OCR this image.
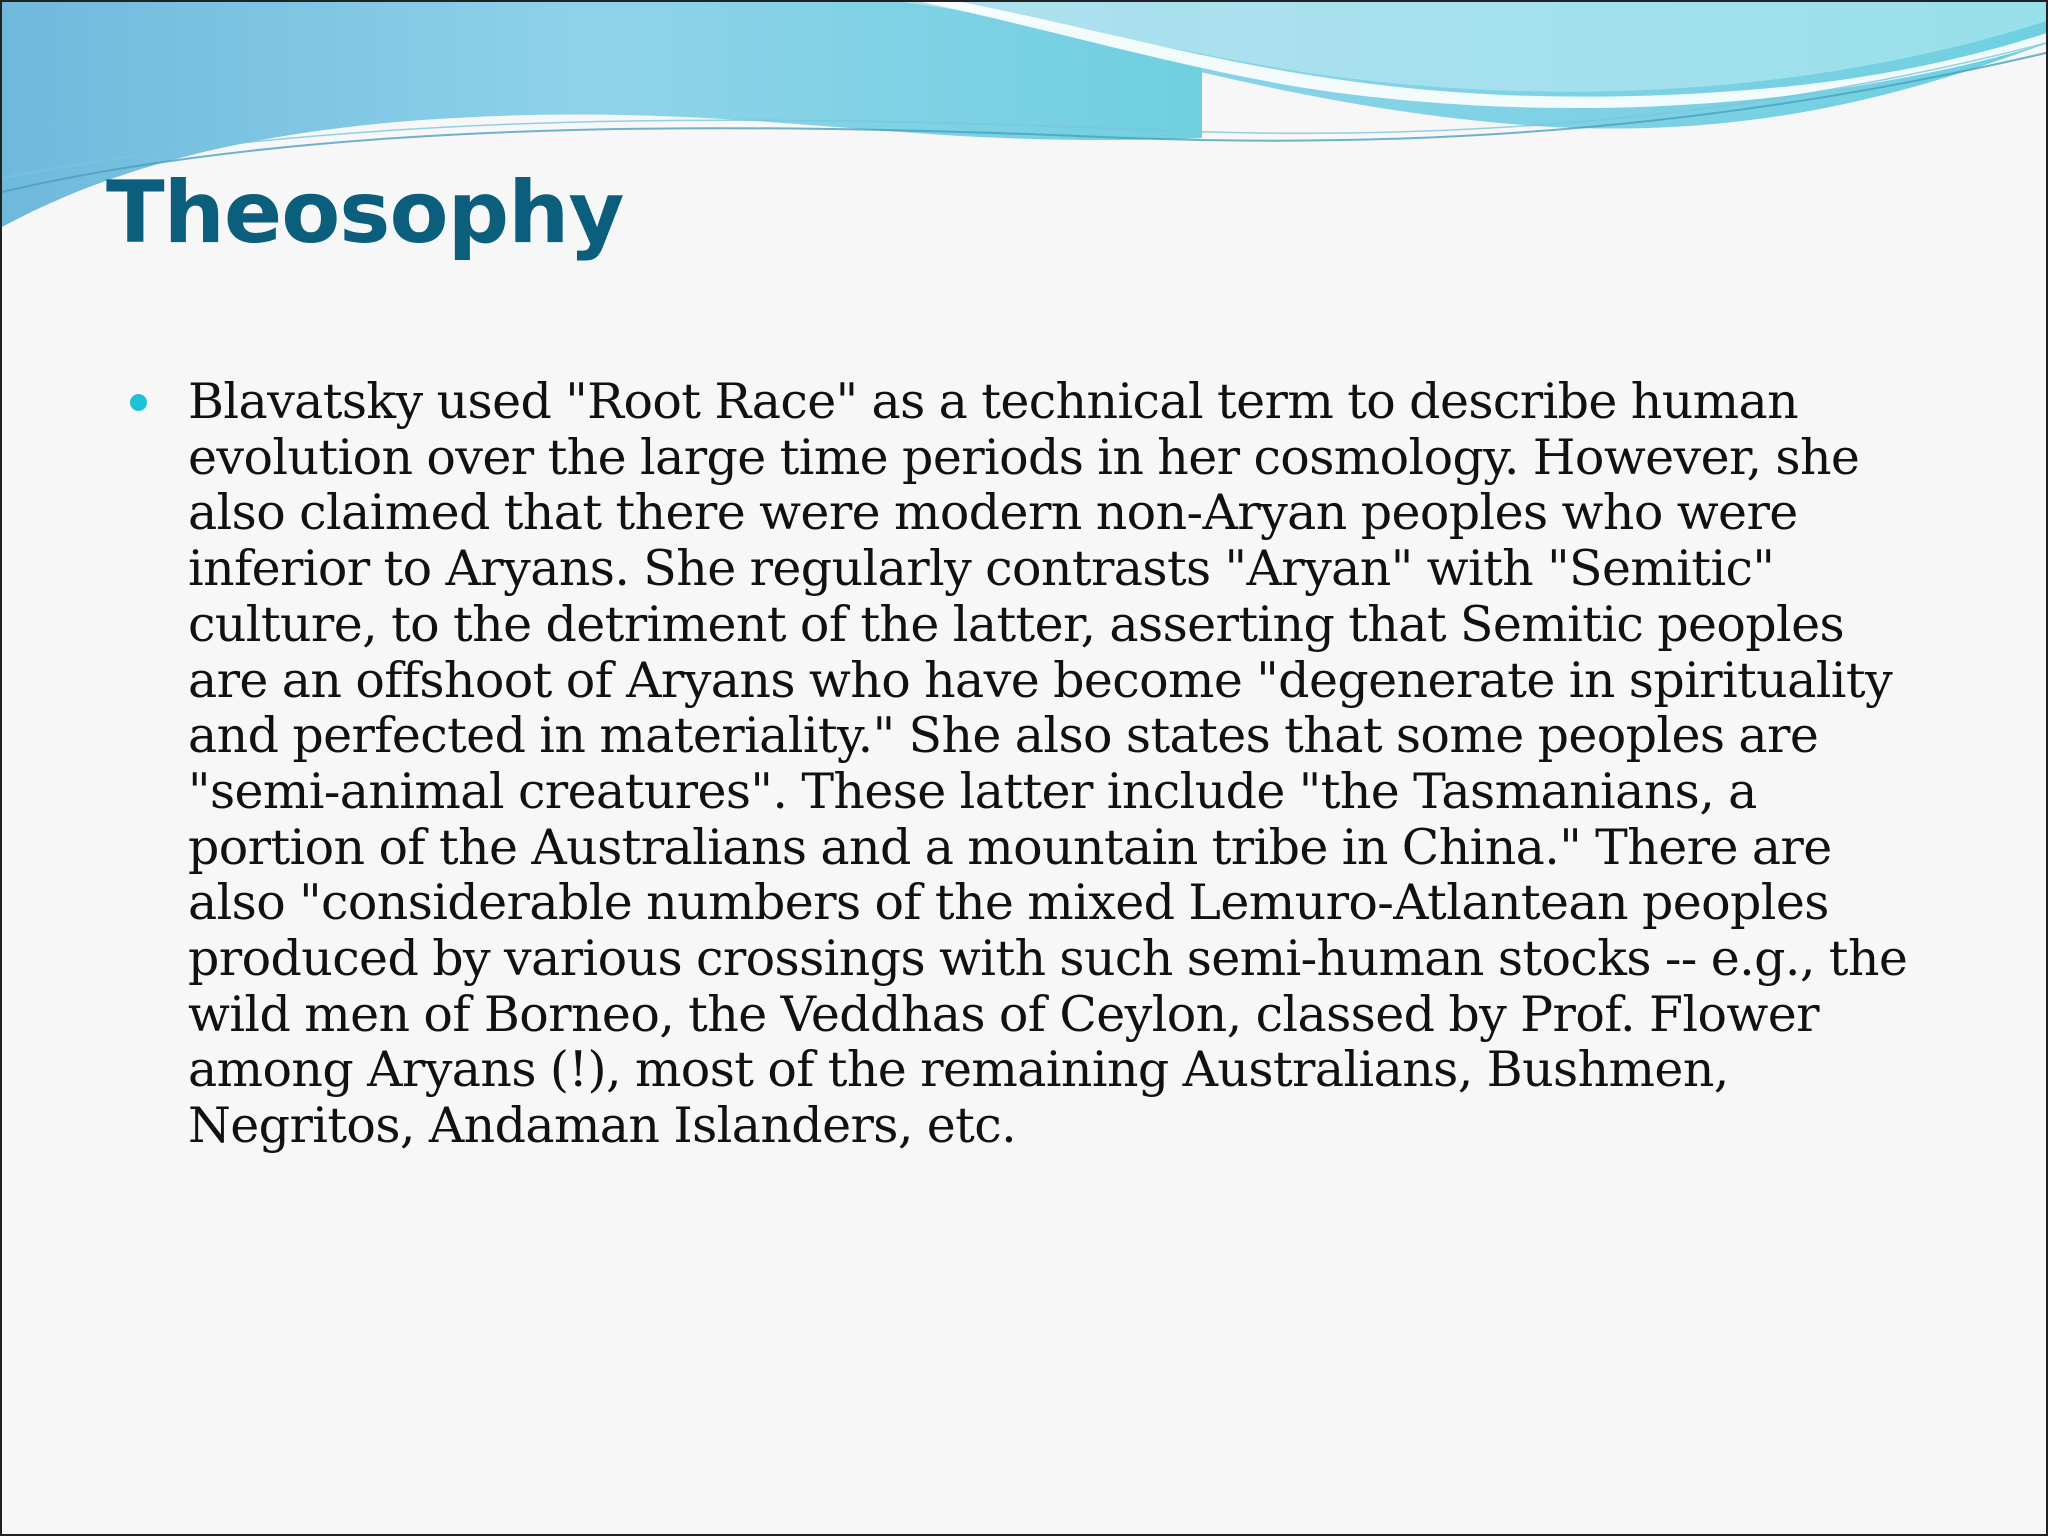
Theosophy

Blavatsky used "Root Race" as a technical term to describe human evolution over the large time periods in her cosmology. However, she also claimed that there were modern non-Aryan peoples who were inferior to Aryans. She regularly contrasts "Aryan" with "Semitic" culture, to the detriment of the latter, asserting that Semitic peoples are an offshoot of Aryans who have become "degenerate in spirituality and perfected in materiality." She also states that some peoples are "semi-animal creatures". These latter include "the Tasmanians, a portion of the Australians and a mountain tribe in China." There are also "considerable numbers of the mixed Lemuro-Atlantean peoples produced by various crossings with such semi-human stocks -- e.g., the wild men of Borneo, the Veddhas of Ceylon, classed by Prof. Flower among Aryans (!), most of the remaining Australians, Bushmen, Negritos, Andaman Islanders, etc.
